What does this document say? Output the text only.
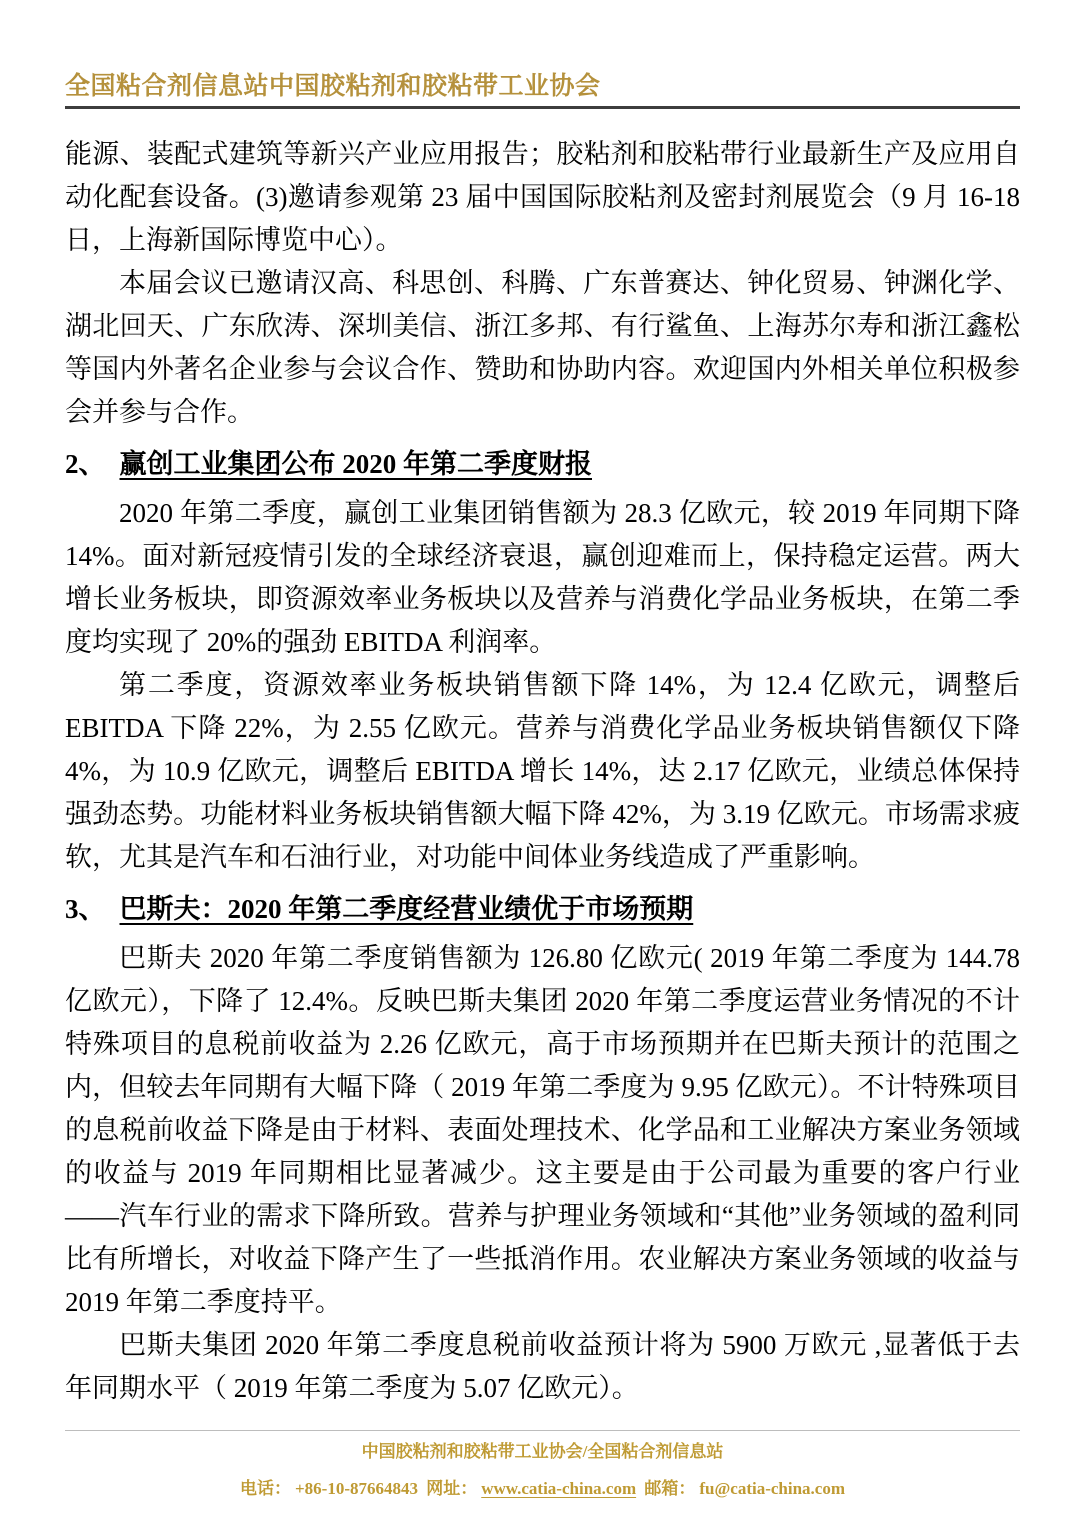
全国粘合剂信息站中国胶粘剂和胶粘带工业协会

能源、装配式建筑等新兴产业应用报告；胶粘剂和胶粘带行业最新生产及应用自动化配套设备。(3)邀请参观第 23 届中国国际胶粘剂及密封剂展览会（9 月 16-18 日，上海新国际博览中心）。

本届会议已邀请汉高、科思创、科腾、广东普赛达、钟化贸易、钟渊化学、湖北回天、广东欣涛、深圳美信、浙江多邦、有行鲨鱼、上海苏尔寿和浙江鑫松等国内外著名企业参与会议合作、赞助和协助内容。欢迎国内外相关单位积极参会并参与合作。

2、 赢创工业集团公布 2020 年第二季度财报

2020 年第二季度，赢创工业集团销售额为 28.3 亿欧元，较 2019 年同期下降 14%。面对新冠疫情引发的全球经济衰退，赢创迎难而上，保持稳定运营。两大增长业务板块，即资源效率业务板块以及营养与消费化学品业务板块，在第二季度均实现了 20%的强劲 EBITDA 利润率。

第二季度，资源效率业务板块销售额下降 14%，为 12.4 亿欧元，调整后 EBITDA 下降 22%，为 2.55 亿欧元。营养与消费化学品业务板块销售额仅下降 4%，为 10.9 亿欧元，调整后 EBITDA 增长 14%，达 2.17 亿欧元，业绩总体保持强劲态势。功能材料业务板块销售额大幅下降 42%，为 3.19 亿欧元。市场需求疲软，尤其是汽车和石油行业，对功能中间体业务线造成了严重影响。

3、 巴斯夫：2020 年第二季度经营业绩优于市场预期

巴斯夫 2020 年第二季度销售额为 126.80 亿欧元( 2019 年第二季度为 144.78 亿欧元），下降了 12.4%。反映巴斯夫集团 2020 年第二季度运营业务情况的不计特殊项目的息税前收益为 2.26 亿欧元，高于市场预期并在巴斯夫预计的范围之内，但较去年同期有大幅下降（ 2019 年第二季度为 9.95 亿欧元）。不计特殊项目的息税前收益下降是由于材料、表面处理技术、化学品和工业解决方案业务领域的收益与 2019 年同期相比显著减少。这主要是由于公司最为重要的客户行业——汽车行业的需求下降所致。营养与护理业务领域和“其他”业务领域的盈利同比有所增长，对收益下降产生了一些抵消作用。农业解决方案业务领域的收益与 2019 年第二季度持平。

巴斯夫集团 2020 年第二季度息税前收益预计将为 5900 万欧元 ,显著低于去年同期水平（ 2019 年第二季度为 5.07 亿欧元）。

中国胶粘剂和胶粘带工业协会/全国粘合剂信息站
电话： +86-10-87664843 网址： www.catia-china.com 邮箱： fu@catia-china.com
